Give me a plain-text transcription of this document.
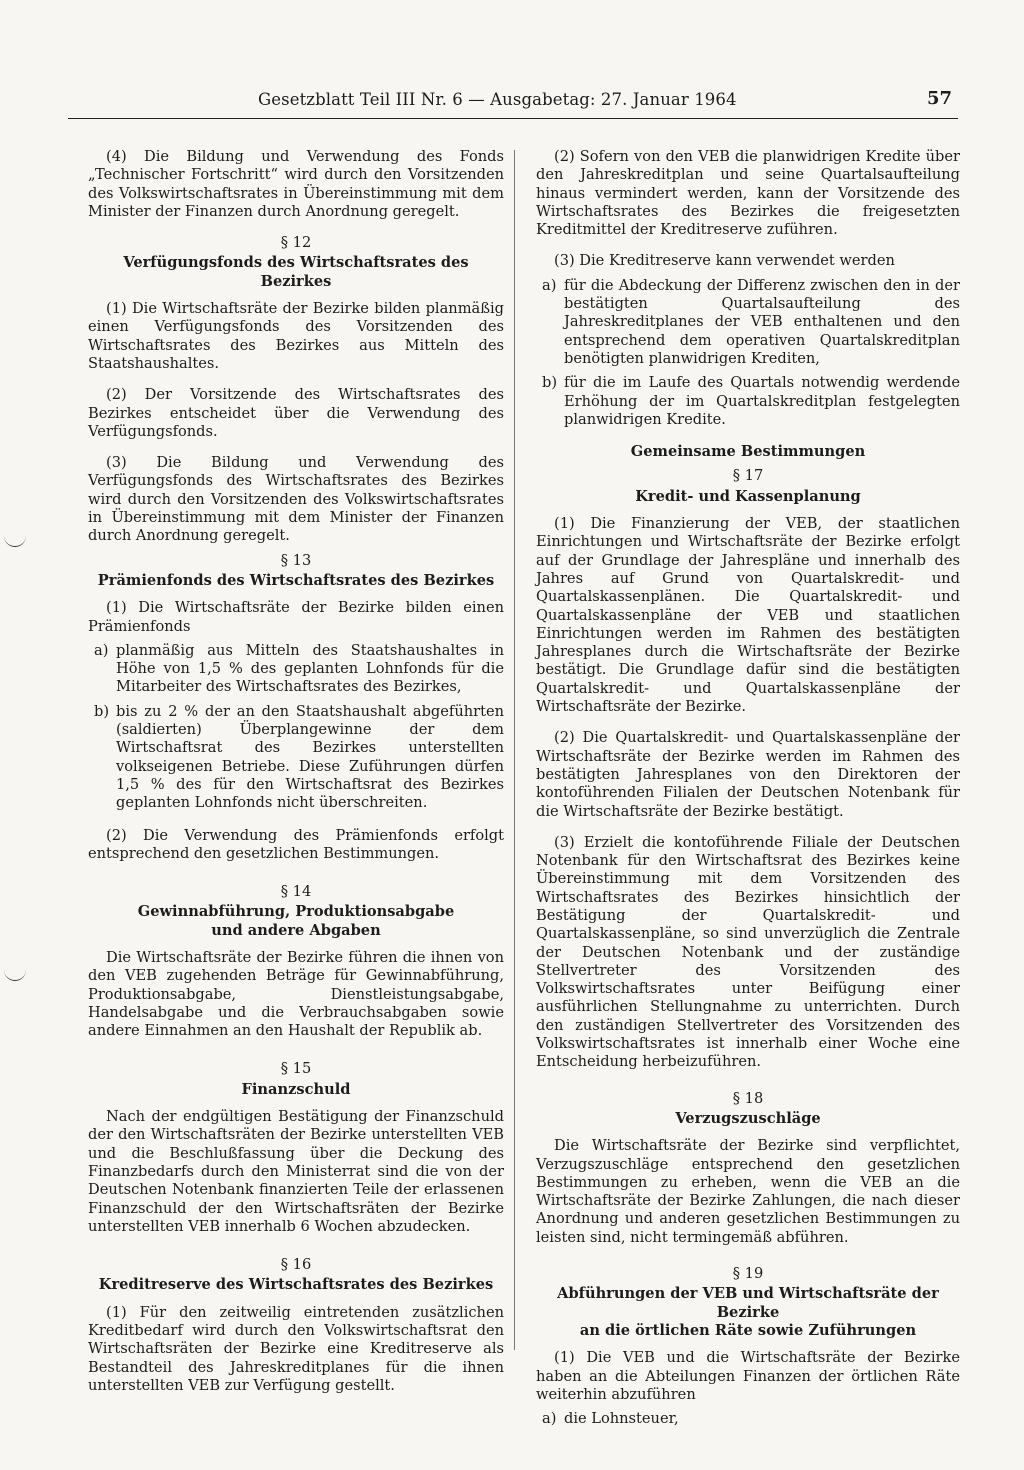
Gesetzblatt Teil III Nr. 6 — Ausgabetag: 27. Januar 1964	57

(4) Die Bildung und Verwendung des Fonds „Technischer Fortschritt“ wird durch den Vorsitzenden des Volkswirtschaftsrates in Übereinstimmung mit dem Minister der Finanzen durch Anordnung geregelt.

§ 12
Verfügungsfonds des Wirtschaftsrates des Bezirkes

(1) Die Wirtschaftsräte der Bezirke bilden planmäßig einen Verfügungsfonds des Vorsitzenden des Wirtschaftsrates des Bezirkes aus Mitteln des Staatshaushaltes.

(2) Der Vorsitzende des Wirtschaftsrates des Bezirkes entscheidet über die Verwendung des Verfügungsfonds.

(3) Die Bildung und Verwendung des Verfügungsfonds des Wirtschaftsrates des Bezirkes wird durch den Vorsitzenden des Volkswirtschaftsrates in Übereinstimmung mit dem Minister der Finanzen durch Anordnung geregelt.

§ 13
Prämienfonds des Wirtschaftsrates des Bezirkes

(1) Die Wirtschaftsräte der Bezirke bilden einen Prämienfonds

a) planmäßig aus Mitteln des Staatshaushaltes in Höhe von 1,5 % des geplanten Lohnfonds für die Mitarbeiter des Wirtschaftsrates des Bezirkes,
b) bis zu 2 % der an den Staatshaushalt abgeführten (saldierten) Überplangewinne der dem Wirtschaftsrat des Bezirkes unterstellten volkseigenen Betriebe. Diese Zuführungen dürfen 1,5 % des für den Wirtschaftsrat des Bezirkes geplanten Lohnfonds nicht überschreiten.

(2) Die Verwendung des Prämienfonds erfolgt entsprechend den gesetzlichen Bestimmungen.

§ 14
Gewinnabführung, Produktionsabgabe
und andere Abgaben

Die Wirtschaftsräte der Bezirke führen die ihnen von den VEB zugehenden Beträge für Gewinnabführung, Produktionsabgabe, Dienstleistungsabgabe, Handelsabgabe und die Verbrauchsabgaben sowie andere Einnahmen an den Haushalt der Republik ab.

§ 15
Finanzschuld

Nach der endgültigen Bestätigung der Finanzschuld der den Wirtschaftsräten der Bezirke unterstellten VEB und die Beschlußfassung über die Deckung des Finanzbedarfs durch den Ministerrat sind die von der Deutschen Notenbank finanzierten Teile der erlassenen Finanzschuld der den Wirtschaftsräten der Bezirke unterstellten VEB innerhalb 6 Wochen abzudecken.

§ 16
Kreditreserve des Wirtschaftsrates des Bezirkes

(1) Für den zeitweilig eintretenden zusätzlichen Kreditbedarf wird durch den Volkswirtschaftsrat den Wirtschaftsräten der Bezirke eine Kreditreserve als Bestandteil des Jahreskreditplanes für die ihnen unterstellten VEB zur Verfügung gestellt.

(2) Sofern von den VEB die planwidrigen Kredite über den Jahreskreditplan und seine Quartalsaufteilung hinaus vermindert werden, kann der Vorsitzende des Wirtschaftsrates des Bezirkes die freigesetzten Kreditmittel der Kreditreserve zuführen.

(3) Die Kreditreserve kann verwendet werden

a) für die Abdeckung der Differenz zwischen den in der bestätigten Quartalsaufteilung des Jahreskreditplanes der VEB enthaltenen und den entsprechend dem operativen Quartalskreditplan benötigten planwidrigen Krediten,
b) für die im Laufe des Quartals notwendig werdende Erhöhung der im Quartalskreditplan festgelegten planwidrigen Kredite.
Gemeinsame Bestimmungen
§ 17
Kredit- und Kassenplanung

(1) Die Finanzierung der VEB, der staatlichen Einrichtungen und Wirtschaftsräte der Bezirke erfolgt auf der Grundlage der Jahrespläne und innerhalb des Jahres auf Grund von Quartalskredit- und Quartalskassenplänen. Die Quartalskredit- und Quartalskassenpläne der VEB und staatlichen Einrichtungen werden im Rahmen des bestätigten Jahresplanes durch die Wirtschaftsräte der Bezirke bestätigt. Die Grundlage dafür sind die bestätigten Quartalskredit- und Quartalskassenpläne der Wirtschaftsräte der Bezirke.

(2) Die Quartalskredit- und Quartalskassenpläne der Wirtschaftsräte der Bezirke werden im Rahmen des bestätigten Jahresplanes von den Direktoren der kontoführenden Filialen der Deutschen Notenbank für die Wirtschaftsräte der Bezirke bestätigt.

(3) Erzielt die kontoführende Filiale der Deutschen Notenbank für den Wirtschaftsrat des Bezirkes keine Übereinstimmung mit dem Vorsitzenden des Wirtschaftsrates des Bezirkes hinsichtlich der Bestätigung der Quartalskredit- und Quartalskassenpläne, so sind unverzüglich die Zentrale der Deutschen Notenbank und der zuständige Stellvertreter des Vorsitzenden des Volkswirtschaftsrates unter Beifügung einer ausführlichen Stellungnahme zu unterrichten. Durch den zuständigen Stellvertreter des Vorsitzenden des Volkswirtschaftsrates ist innerhalb einer Woche eine Entscheidung herbeizuführen.

§ 18
Verzugszuschläge

Die Wirtschaftsräte der Bezirke sind verpflichtet, Verzugszuschläge entsprechend den gesetzlichen Bestimmungen zu erheben, wenn die VEB an die Wirtschaftsräte der Bezirke Zahlungen, die nach dieser Anordnung und anderen gesetzlichen Bestimmungen zu leisten sind, nicht termingemäß abführen.

§ 19
Abführungen der VEB und Wirtschaftsräte der Bezirke
an die örtlichen Räte sowie Zuführungen

(1) Die VEB und die Wirtschaftsräte der Bezirke haben an die Abteilungen Finanzen der örtlichen Räte weiterhin abzuführen

a) die Lohnsteuer,
